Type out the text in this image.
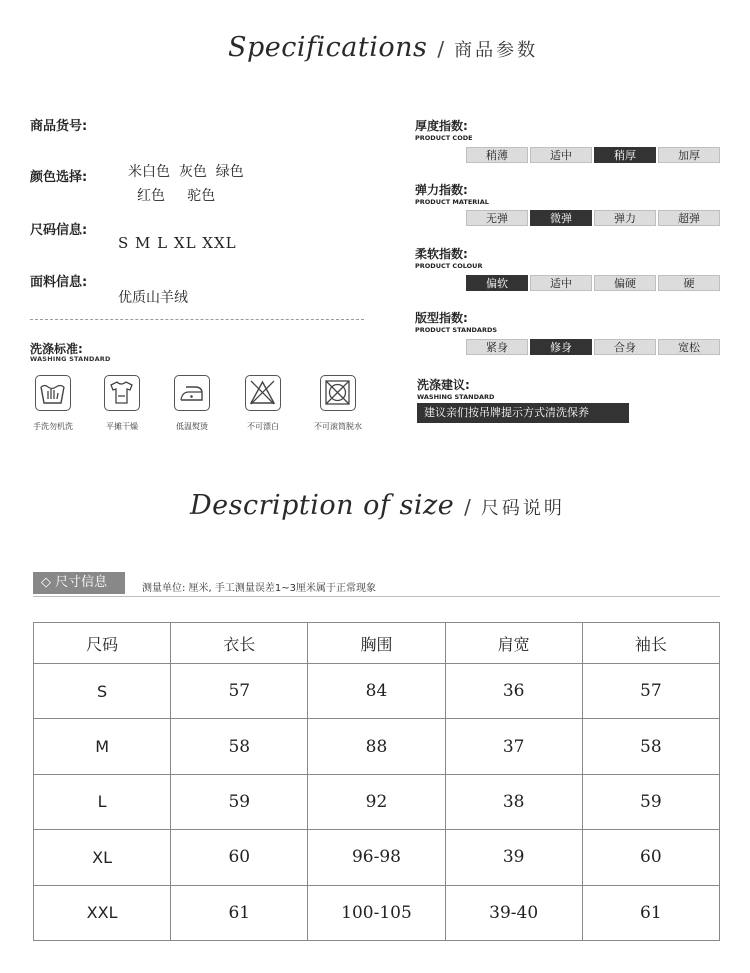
Specifications / 商品参数
商品货号:
颜色选择:	米白色  灰色  绿色
红色     驼色
尺码信息:
S M L XL XXL
面料信息:
优质山羊绒
洗涤标准:
WASHING STANDARD
手洗勿机洗	平摊干燥	低温熨烫	不可漂白	不可滚筒脱水
厚度指数:
PRODUCT CODE
稍薄	适中	稍厚	加厚
弹力指数:
PRODUCT MATERIAL
无弹	微弹	弹力	超弹
柔软指数:
PRODUCT COLOUR
偏软	适中	偏硬	硬
版型指数:
PRODUCT STANDARDS
紧身	修身	合身	宽松
洗涤建议:
WASHING STANDARD
建议亲们按吊牌提示方式清洗保养
Description of size / 尺码说明
◇ 尺寸信息	测量单位: 厘米, 手工测量误差1~3厘米属于正常现象
尺码	衣长	胸围	肩宽	袖长
S	57	84	36	57
M	58	88	37	58
L	59	92	38	59
XL	60	96-98	39	60
XXL	61	100-105	39-40	61
